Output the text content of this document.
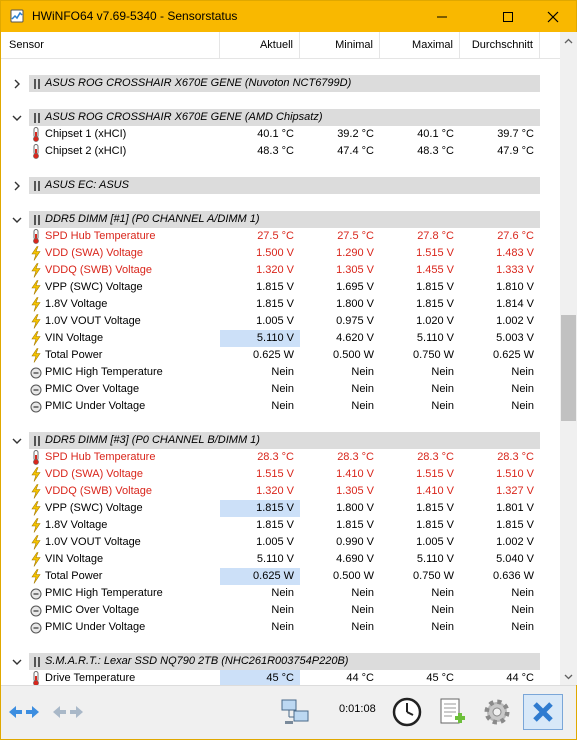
HWiNFO64 v7.69-5340 - Sensorstatus
Sensor	Aktuell	Minimal	Maximal	Durchschnitt
ASUS ROG CROSSHAIR X670E GENE (Nuvoton NCT6799D)
ASUS ROG CROSSHAIR X670E GENE (AMD Chipsatz)
Chipset 1 (xHCI)	40.1 °C	39.2 °C	40.1 °C	39.7 °C
Chipset 2 (xHCI)	48.3 °C	47.4 °C	48.3 °C	47.9 °C
ASUS EC: ASUS
DDR5 DIMM [#1] (P0 CHANNEL A/DIMM 1)
SPD Hub Temperature	27.5 °C	27.5 °C	27.8 °C	27.6 °C
VDD (SWA) Voltage	1.500 V	1.290 V	1.515 V	1.483 V
VDDQ (SWB) Voltage	1.320 V	1.305 V	1.455 V	1.333 V
VPP (SWC) Voltage	1.815 V	1.695 V	1.815 V	1.810 V
1.8V Voltage	1.815 V	1.800 V	1.815 V	1.814 V
1.0V VOUT Voltage	1.005 V	0.975 V	1.020 V	1.002 V
VIN Voltage	5.110 V	4.620 V	5.110 V	5.003 V
Total Power	0.625 W	0.500 W	0.750 W	0.625 W
PMIC High Temperature	Nein	Nein	Nein	Nein
PMIC Over Voltage	Nein	Nein	Nein	Nein
PMIC Under Voltage	Nein	Nein	Nein	Nein
DDR5 DIMM [#3] (P0 CHANNEL B/DIMM 1)
SPD Hub Temperature	28.3 °C	28.3 °C	28.3 °C	28.3 °C
VDD (SWA) Voltage	1.515 V	1.410 V	1.515 V	1.510 V
VDDQ (SWB) Voltage	1.320 V	1.305 V	1.410 V	1.327 V
VPP (SWC) Voltage	1.815 V	1.800 V	1.815 V	1.801 V
1.8V Voltage	1.815 V	1.815 V	1.815 V	1.815 V
1.0V VOUT Voltage	1.005 V	0.990 V	1.005 V	1.002 V
VIN Voltage	5.110 V	4.690 V	5.110 V	5.040 V
Total Power	0.625 W	0.500 W	0.750 W	0.636 W
PMIC High Temperature	Nein	Nein	Nein	Nein
PMIC Over Voltage	Nein	Nein	Nein	Nein
PMIC Under Voltage	Nein	Nein	Nein	Nein
S.M.A.R.T.: Lexar SSD NQ790 2TB (NHC261R003754P220B)
Drive Temperature	45 °C	44 °C	45 °C	44 °C
0:01:08
